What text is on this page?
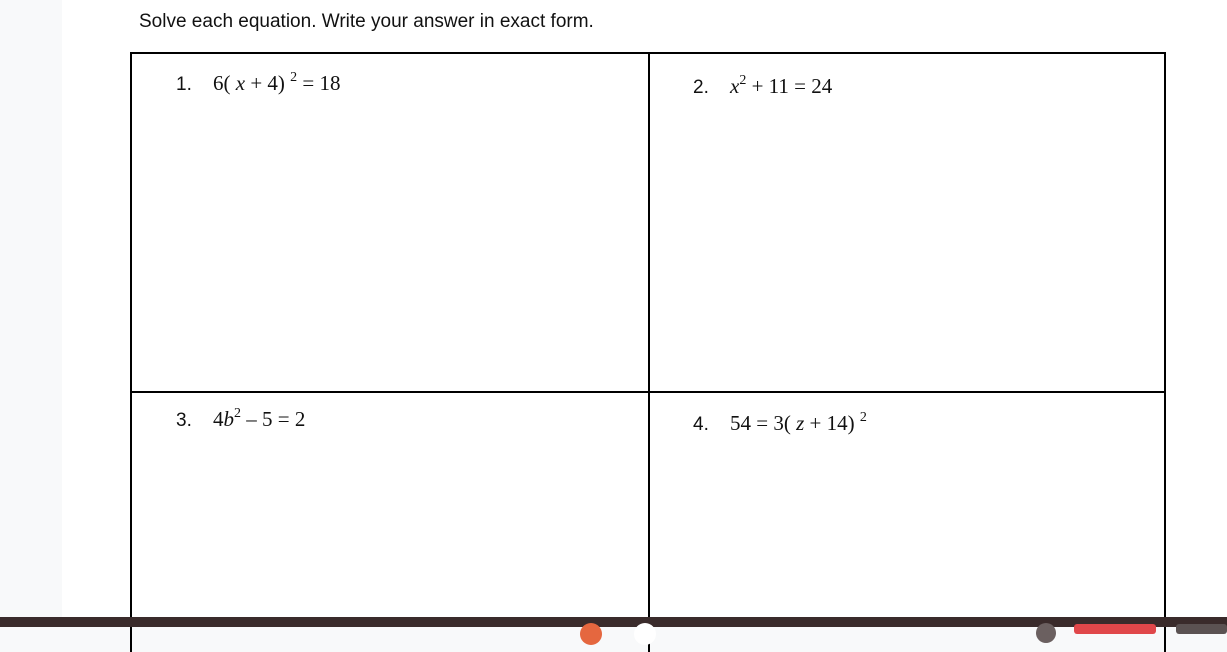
Solve each equation. Write your answer in exact form.
1.	6( x + 4) $^2$ = 18	2.	$x^2 + 11 = 24$
3.	$4b^2 - 5 = 2$	4.	54 = 3( z + 14) $^2$
